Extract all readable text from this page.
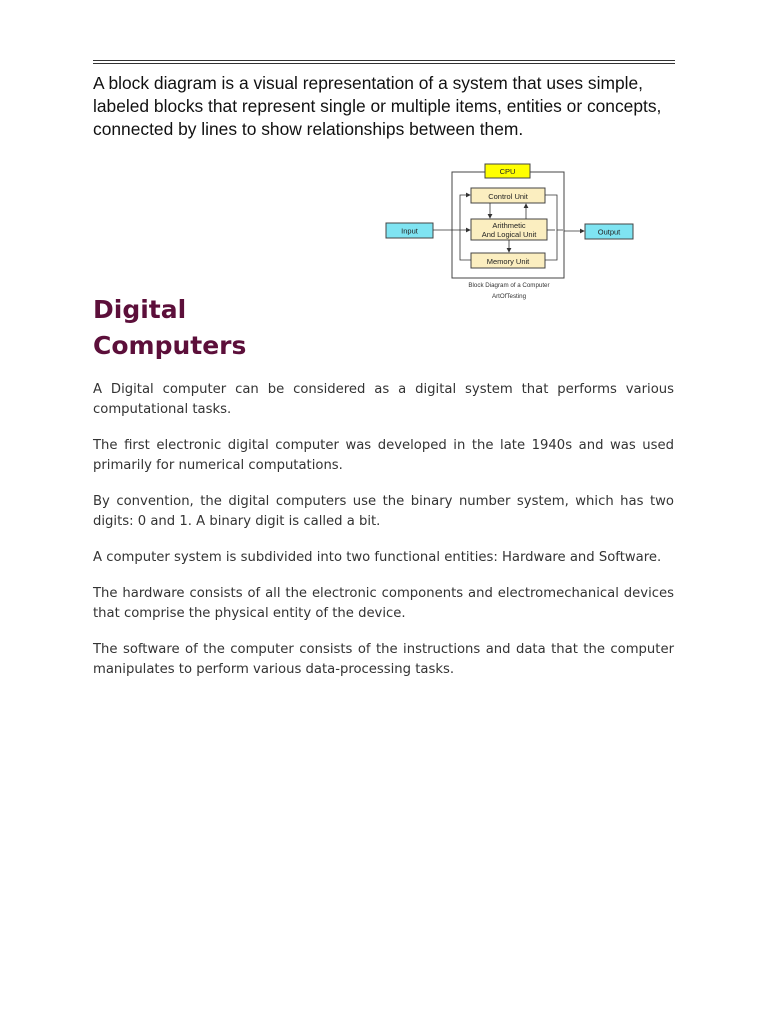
A block diagram is a visual representation of a system that uses simple, labeled blocks that represent single or multiple items, entities or concepts, connected by lines to show relationships between them.

CPU
Control Unit
Arithmetic
And Logical Unit
Memory Unit
Input	Output
Block Diagram of a Computer
ArtOfTesting
Digital
Computers

A Digital computer can be considered as a digital system that performs various computational tasks.

The first electronic digital computer was developed in the late 1940s and was used primarily for numerical computations.

By convention, the digital computers use the binary number system, which has two digits: 0 and 1. A binary digit is called a bit.

A computer system is subdivided into two functional entities: Hardware and Software.

The hardware consists of all the electronic components and electromechanical devices that comprise the physical entity of the device.

The software of the computer consists of the instructions and data that the computer manipulates to perform various data-processing tasks.
